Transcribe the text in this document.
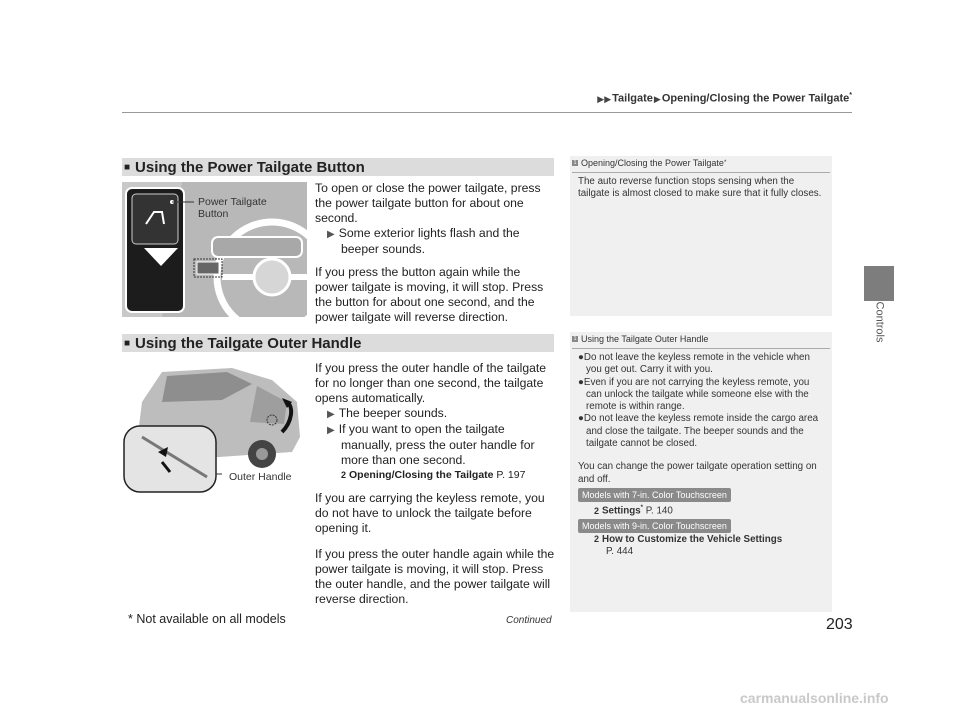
▶▶Tailgate▶Opening/Closing the Power Tailgate*
Controls
■ Using the Power Tailgate Button
Power Tailgate Button

To open or close the power tailgate, press the power tailgate button for about one second.

▶ Some exterior lights flash and the beeper sounds.

If you press the button again while the power tailgate is moving, it will stop. Press the button for about one second, and the power tailgate will reverse direction.

1 Opening/Closing the Power Tailgate *
The auto reverse function stops sensing when the tailgate is almost closed to make sure that it fully closes.
■ Using the Tailgate Outer Handle
Outer Handle

If you press the outer handle of the tailgate for no longer than one second, the tailgate opens automatically.

▶ The beeper sounds.

▶ If you want to open the tailgate manually, press the outer handle for more than one second.

2 Opening/Closing the Tailgate P. 197

If you are carrying the keyless remote, you do not have to unlock the tailgate before opening it.

If you press the outer handle again while the power tailgate is moving, it will stop. Press the outer handle, and the power tailgate will reverse direction.

1 Using the Tailgate Outer Handle

●Do not leave the keyless remote in the vehicle when you get out. Carry it with you.

●Even if you are not carrying the keyless remote, you can unlock the tailgate while someone else with the remote is within range.

●Do not leave the keyless remote inside the cargo area and close the tailgate. The beeper sounds and the tailgate cannot be closed.

You can change the power tailgate operation setting on and off.

Models with 7-in. Color Touchscreen

2 Settings* P. 140

Models with 9-in. Color Touchscreen

2 How to Customize the Vehicle Settings

P. 444

* Not available on all models	Continued	203
carmanualsonline.info
